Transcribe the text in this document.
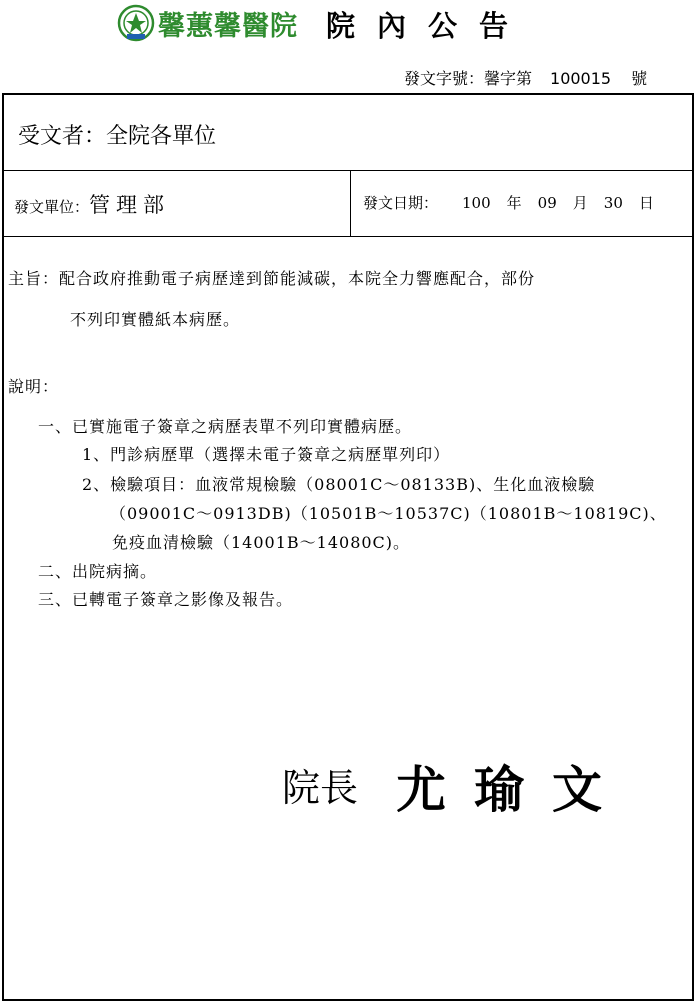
馨蕙馨醫院 院內公告
發文字號：馨字第 100015 號
受文者：全院各單位
發文單位：管理部	發文日期： 100 年 09 月 30 日
主旨：配合政府推動電子病歷達到節能減碳，本院全力響應配合，部份
不列印實體紙本病歷。
說明：
一、已實施電子簽章之病歷表單不列印實體病歷。
1、門診病歷單（選擇未電子簽章之病歷單列印）
2、檢驗項目：血液常規檢驗（08001C～08133B)、生化血液檢驗
（09001C～0913DB)（10501B～10537C)（10801B～10819C)、
免疫血清檢驗（14001B～14080C)。
二、出院病摘。
三、已轉電子簽章之影像及報告。
院長 尤瑜文
